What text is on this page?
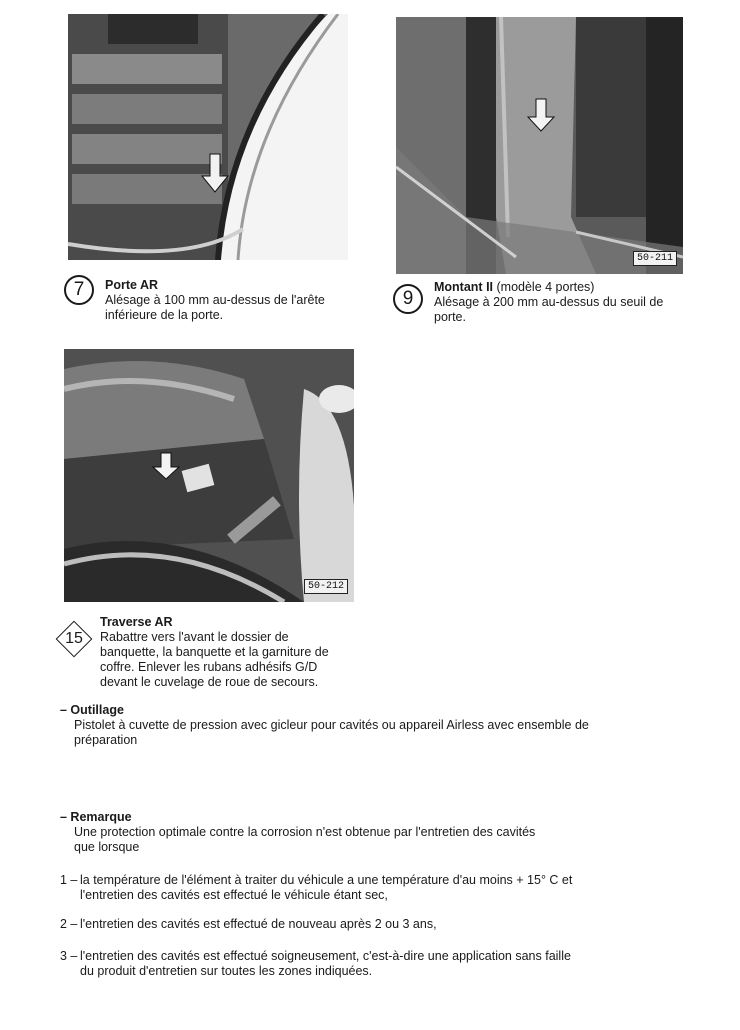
7	Porte AR
Alésage à 100 mm au-dessus de l'arête
inférieure de la porte.
50-211
9
Montant II (modèle 4 portes)
Alésage à 200 mm au-dessus du seuil de
porte.
50-212
15
Traverse AR
Rabattre vers l'avant le dossier de
banquette, la banquette et la garniture de
coffre. Enlever les rubans adhésifs G/D
devant le cuvelage de roue de secours.
– Outillage
Pistolet à cuvette de pression avec gicleur pour cavités ou appareil Airless avec ensemble de
préparation
– Remarque
Une protection optimale contre la corrosion n'est obtenue par l'entretien des cavités
que lorsque
1 – la température de l'élément à traiter du véhicule a une température d'au moins + 15° C et
l'entretien des cavités est effectué le véhicule étant sec,
2 – l'entretien des cavités est effectué de nouveau après 2 ou 3 ans,
3 – l'entretien des cavités est effectué soigneusement, c'est-à-dire une application sans faille
du produit d'entretien sur toutes les zones indiquées.
